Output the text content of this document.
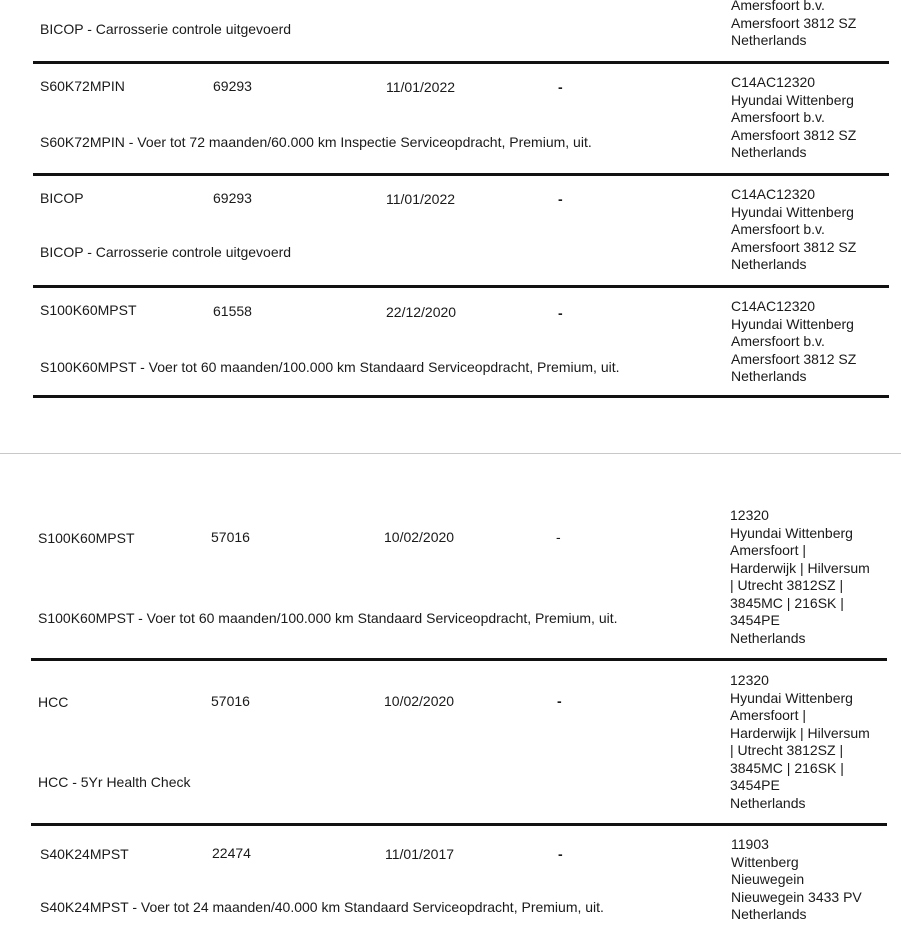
BICOP - Carrosserie controle uitgevoerd
Amersfoort b.v.
Amersfoort 3812 SZ
Netherlands
S60K72MPIN	69293	11/01/2022	-
S60K72MPIN - Voer tot 72 maanden/60.000 km Inspectie Serviceopdracht, Premium, uit.
C14AC12320
Hyundai Wittenberg
Amersfoort b.v.
Amersfoort 3812 SZ
Netherlands
BICOP	69293	11/01/2022	-
BICOP - Carrosserie controle uitgevoerd
C14AC12320
Hyundai Wittenberg
Amersfoort b.v.
Amersfoort 3812 SZ
Netherlands
S100K60MPST	61558	22/12/2020	-
S100K60MPST - Voer tot 60 maanden/100.000 km Standaard Serviceopdracht, Premium, uit.
C14AC12320
Hyundai Wittenberg
Amersfoort b.v.
Amersfoort 3812 SZ
Netherlands
S100K60MPST	57016	10/02/2020	-
S100K60MPST - Voer tot 60 maanden/100.000 km Standaard Serviceopdracht, Premium, uit.
12320
Hyundai Wittenberg
Amersfoort |
Harderwijk | Hilversum
| Utrecht 3812SZ |
3845MC | 216SK |
3454PE
Netherlands
HCC	57016	10/02/2020	-
HCC - 5Yr Health Check
12320
Hyundai Wittenberg
Amersfoort |
Harderwijk | Hilversum
| Utrecht 3812SZ |
3845MC | 216SK |
3454PE
Netherlands
S40K24MPST	22474	11/01/2017	-
S40K24MPST - Voer tot 24 maanden/40.000 km Standaard Serviceopdracht, Premium, uit.
11903
Wittenberg
Nieuwegein
Nieuwegein 3433 PV
Netherlands
